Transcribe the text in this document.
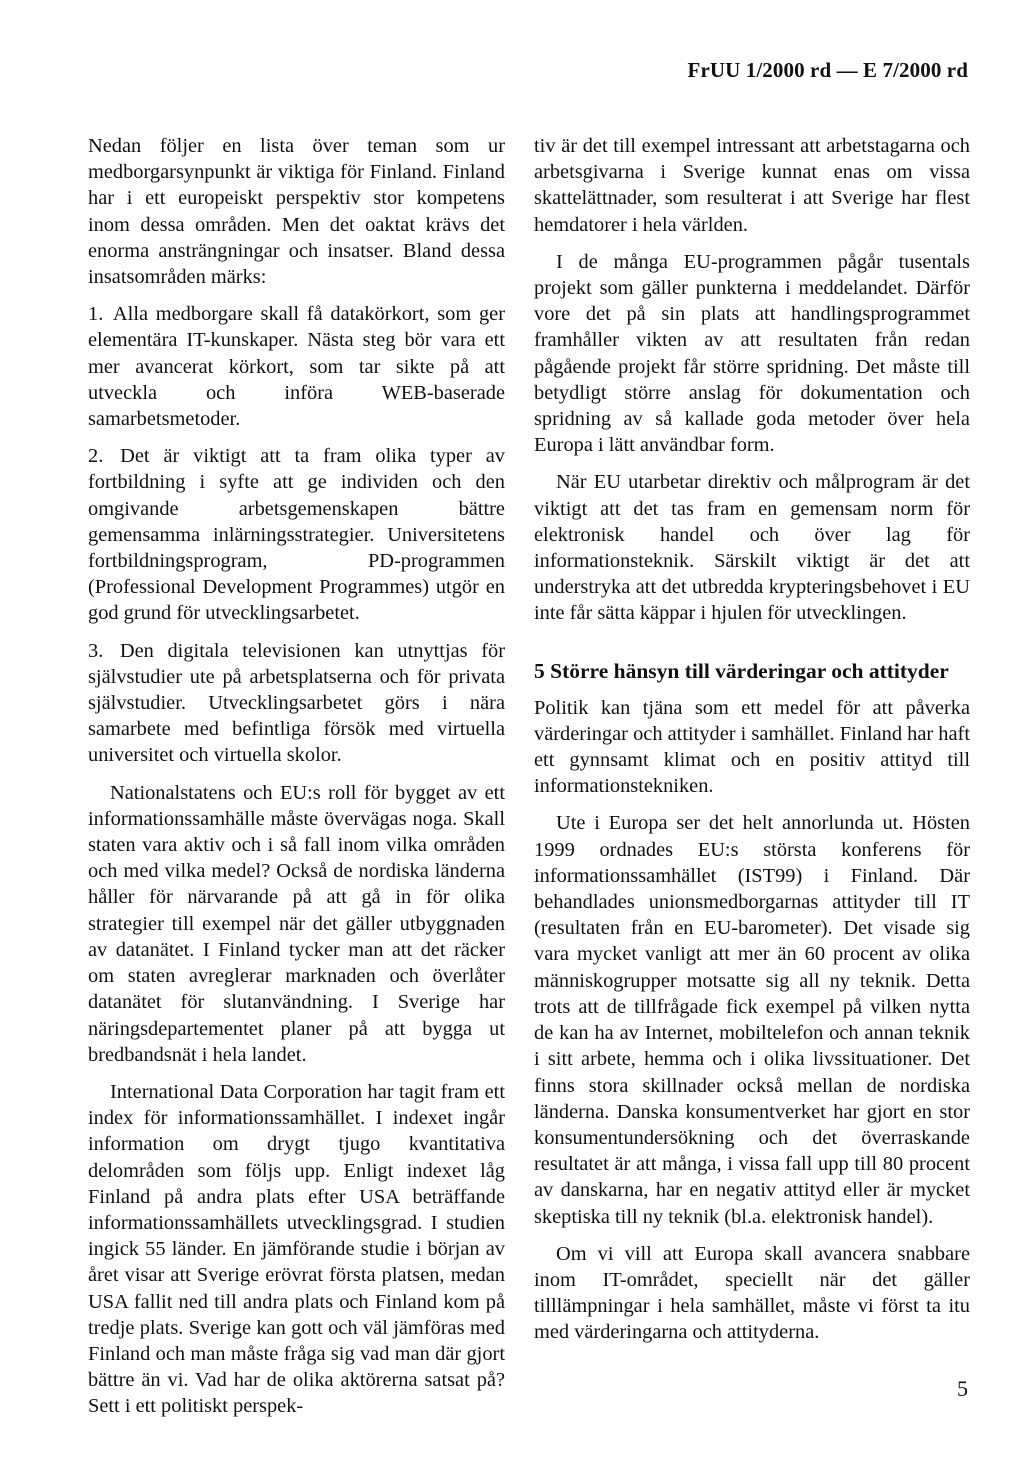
FrUU 1/2000 rd — E 7/2000 rd

Nedan följer en lista över teman som ur medborgarsynpunkt är viktiga för Finland. Finland har i ett europeiskt perspektiv stor kompetens inom dessa områden. Men det oaktat krävs det enorma ansträngningar och insatser. Bland dessa insatsområden märks:

1. Alla medborgare skall få datakörkort, som ger elementära IT-kunskaper. Nästa steg bör vara ett mer avancerat körkort, som tar sikte på att utveckla och införa WEB-baserade samarbetsmetoder.

2. Det är viktigt att ta fram olika typer av fortbildning i syfte att ge individen och den omgivande arbetsgemenskapen bättre gemensamma inlärningsstrategier. Universitetens fortbildningsprogram, PD-programmen (Professional Development Programmes) utgör en god grund för utvecklingsarbetet.

3. Den digitala televisionen kan utnyttjas för självstudier ute på arbetsplatserna och för privata självstudier. Utvecklingsarbetet görs i nära samarbete med befintliga försök med virtuella universitet och virtuella skolor.

Nationalstatens och EU:s roll för bygget av ett informationssamhälle måste övervägas noga. Skall staten vara aktiv och i så fall inom vilka områden och med vilka medel? Också de nordiska länderna håller för närvarande på att gå in för olika strategier till exempel när det gäller utbyggnaden av datanätet. I Finland tycker man att det räcker om staten avreglerar marknaden och överlåter datanätet för slutanvändning. I Sverige har näringsdepartementet planer på att bygga ut bredbandsnät i hela landet.

International Data Corporation har tagit fram ett index för informationssamhället. I indexet ingår information om drygt tjugo kvantitativa delområden som följs upp. Enligt indexet låg Finland på andra plats efter USA beträffande informationssamhällets utvecklingsgrad. I studien ingick 55 länder. En jämförande studie i början av året visar att Sverige erövrat första platsen, medan USA fallit ned till andra plats och Finland kom på tredje plats. Sverige kan gott och väl jämföras med Finland och man måste fråga sig vad man där gjort bättre än vi. Vad har de olika aktörerna satsat på? Sett i ett politiskt perspek-

tiv är det till exempel intressant att arbetstagarna och arbetsgivarna i Sverige kunnat enas om vissa skattelättnader, som resulterat i att Sverige har flest hemdatorer i hela världen.

I de många EU-programmen pågår tusentals projekt som gäller punkterna i meddelandet. Därför vore det på sin plats att handlingsprogrammet framhåller vikten av att resultaten från redan pågående projekt får större spridning. Det måste till betydligt större anslag för dokumentation och spridning av så kallade goda metoder över hela Europa i lätt användbar form.

När EU utarbetar direktiv och målprogram är det viktigt att det tas fram en gemensam norm för elektronisk handel och över lag för informationsteknik. Särskilt viktigt är det att understryka att det utbredda krypteringsbehovet i EU inte får sätta käppar i hjulen för utvecklingen.

5 Större hänsyn till värderingar och attityder

Politik kan tjäna som ett medel för att påverka värderingar och attityder i samhället. Finland har haft ett gynnsamt klimat och en positiv attityd till informationstekniken.

Ute i Europa ser det helt annorlunda ut. Hösten 1999 ordnades EU:s största konferens för informationssamhället (IST99) i Finland. Där behandlades unionsmedborgarnas attityder till IT (resultaten från en EU-barometer). Det visade sig vara mycket vanligt att mer än 60 procent av olika människogrupper motsatte sig all ny teknik. Detta trots att de tillfrågade fick exempel på vilken nytta de kan ha av Internet, mobiltelefon och annan teknik i sitt arbete, hemma och i olika livssituationer. Det finns stora skillnader också mellan de nordiska länderna. Danska konsumentverket har gjort en stor konsumentundersökning och det överraskande resultatet är att många, i vissa fall upp till 80 procent av danskarna, har en negativ attityd eller är mycket skeptiska till ny teknik (bl.a. elektronisk handel).

Om vi vill att Europa skall avancera snabbare inom IT-området, speciellt när det gäller tilllämpningar i hela samhället, måste vi först ta itu med värderingarna och attityderna.

5
